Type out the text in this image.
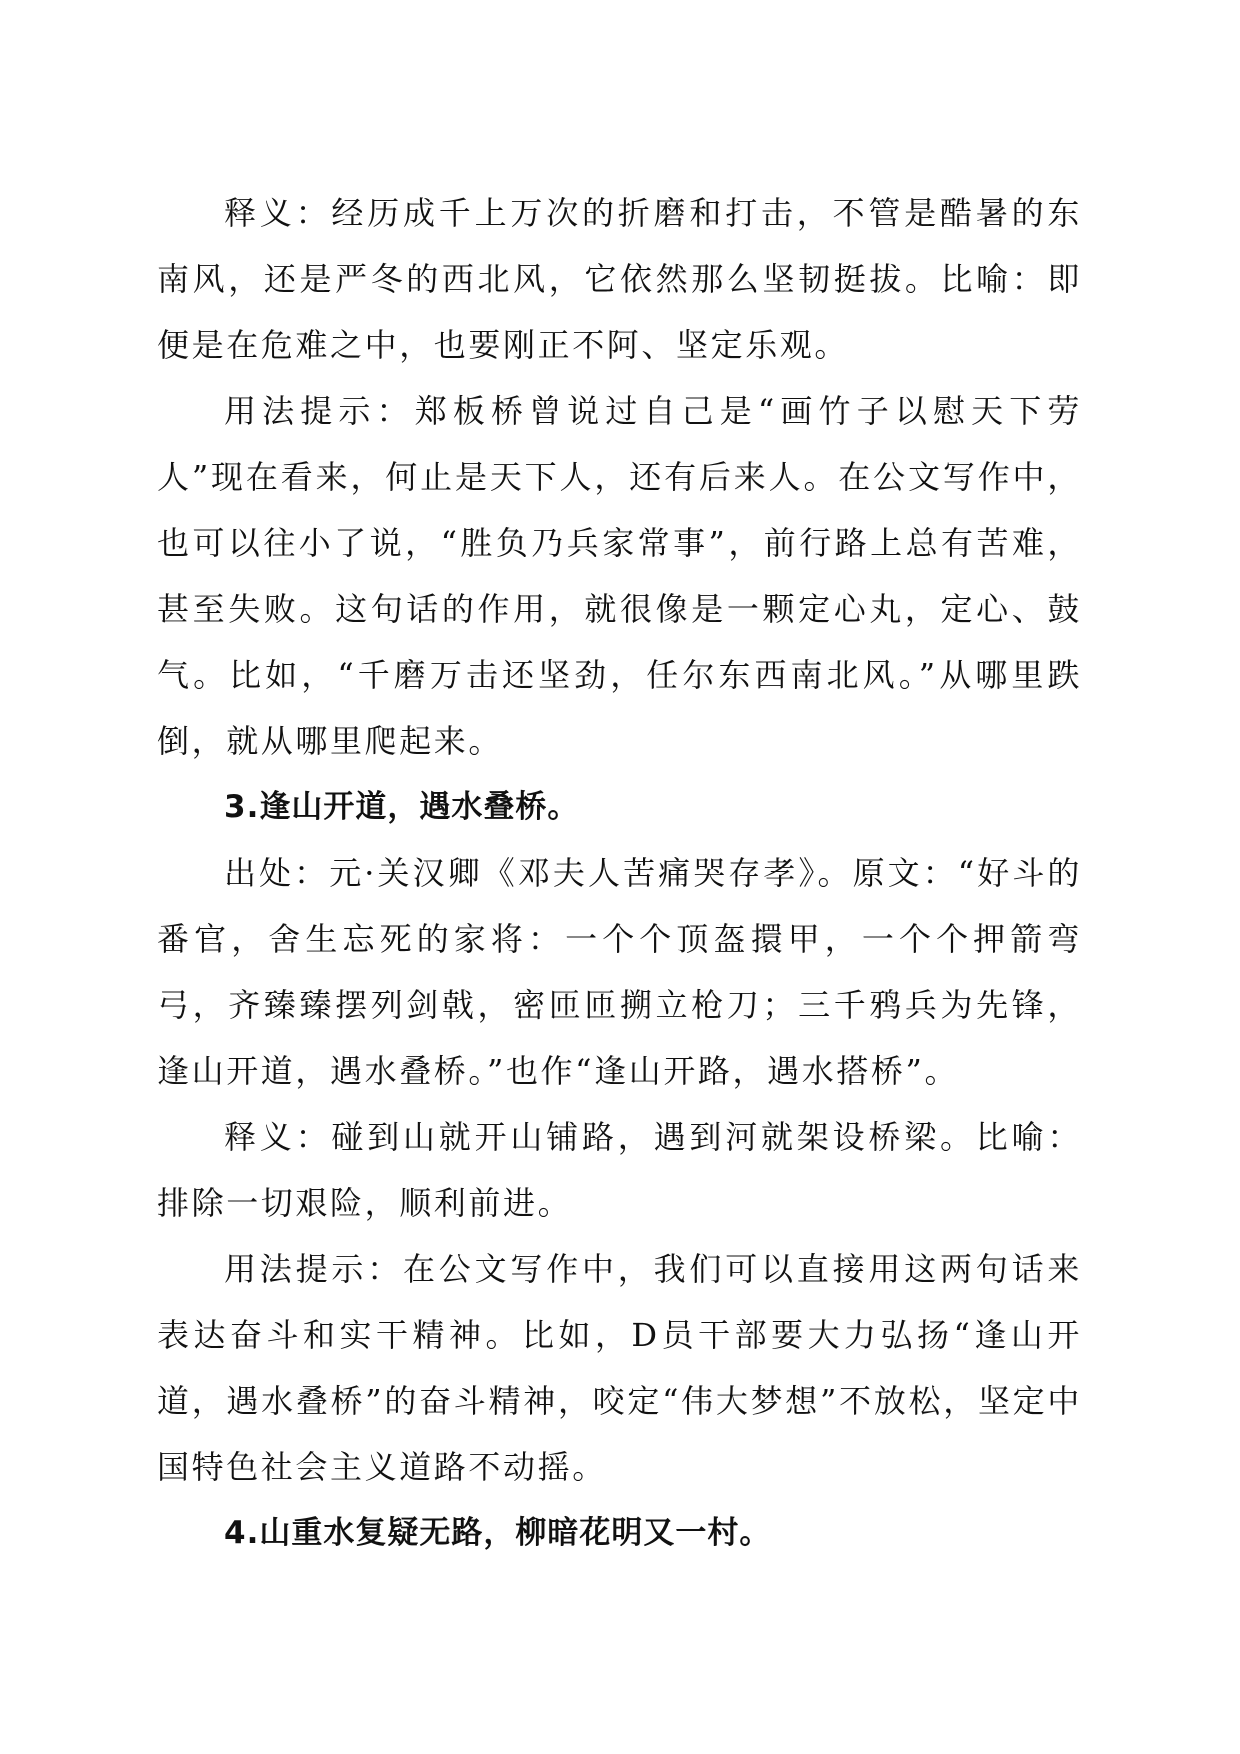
释义：经历成千上万次的折磨和打击，不管是酷暑的东南风，还是严冬的西北风，它依然那么坚韧挺拔。比喻：即便是在危难之中，也要刚正不阿、坚定乐观。

用法提示：郑板桥曾说过自己是“画竹子以慰天下劳人”现在看来，何止是天下人，还有后来人。在公文写作中，也可以往小了说，“胜负乃兵家常事”，前行路上总有苦难，甚至失败。这句话的作用，就很像是一颗定心丸，定心、鼓气。比如，“千磨万击还坚劲，任尔东西南北风。”从哪里跌倒，就从哪里爬起来。

3.逢山开道，遇水叠桥。

出处：元·关汉卿《邓夫人苦痛哭存孝》。原文：“好斗的番官，舍生忘死的家将：一个个顶盔擐甲，一个个押箭弯弓，齐臻臻摆列剑戟，密匝匝搠立枪刀；三千鸦兵为先锋，逢山开道，遇水叠桥。”也作“逢山开路，遇水搭桥”。

释义：碰到山就开山铺路，遇到河就架设桥梁。比喻：排除一切艰险，顺利前进。

用法提示：在公文写作中，我们可以直接用这两句话来表达奋斗和实干精神。比如，D员干部要大力弘扬“逢山开道，遇水叠桥”的奋斗精神，咬定“伟大梦想”不放松，坚定中国特色社会主义道路不动摇。

4.山重水复疑无路，柳暗花明又一村。
